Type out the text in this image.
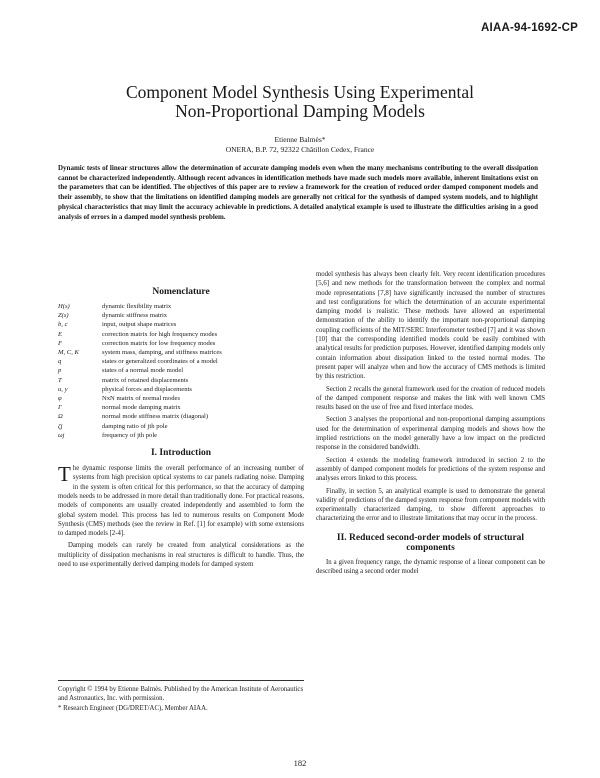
AIAA-94-1692-CP
Component Model Synthesis Using Experimental
Non-Proportional Damping Models
Etienne Balmès*
ONERA, B.P. 72, 92322 Châtillon Cedex, France
Dynamic tests of linear structures allow the determination of accurate damping models even when the many mechanisms contributing to the overall dissipation cannot be characterized independently. Although recent advances in identification methods have made such models more available, inherent limitations exist on the parameters that can be identified. The objectives of this paper are to review a framework for the creation of reduced order damped component models and their assembly, to show that the limitations on identified damping models are generally not critical for the synthesis of damped system models, and to highlight physical characteristics that may limit the accuracy achievable in predictions. A detailed analytical example is used to illustrate the difficulties arising in a good analysis of errors in a damped model synthesis problem.
Nomenclature
H(s)	dynamic flexibility matrix
Z(s)	dynamic stiffness matrix
b, c	input, output shape matrices
E	correction matrix for high frequency modes
F	correction matrix for low frequency modes
M, C, K	system mass, damping, and stiffness matrices
q	states or generalized coordinates of a model
p	states of a normal mode model
T	matrix of retained displacements
u, y	physical forces and displacements
φ	NxN matrix of normal modes
Γ	normal mode damping matrix
Ω	normal mode stiffness matrix (diagonal)
ζj	damping ratio of jth pole
ωj	frequency of jth pole
I. Introduction

The dynamic response limits the overall performance of an increasing number of systems from high precision optical systems to car panels radiating noise. Damping in the system is often critical for this performance, so that the accuracy of damping models needs to be addressed in more detail than traditionally done. For practical reasons, models of components are usually created independently and assembled to form the global system model. This process has led to numerous results on Component Mode Synthesis (CMS) methods (see the review in Ref. [1] for example) with some extensions to damped models [2-4].

Damping models can rarely be created from analytical considerations as the multiplicity of dissipation mechanisms in real structures is difficult to handle. Thus, the need to use experimentally derived damping models for damped system

Copyright © 1994 by Etienne Balmès. Published by the American Institute of Aeronautics and Astronautics, Inc. with permission.

* Research Engineer (DG/DRET/AC), Member AIAA.

model synthesis has always been clearly felt. Very recent identification procedures [5,6] and new methods for the transformation between the complex and normal mode representations [7,8] have significantly increased the number of structures and test configurations for which the determination of an accurate experimental damping model is realistic. These methods have allowed an experimental demonstration of the ability to identify the important non-proportional damping coupling coefficients of the MIT/SERC Interferometer testbed [7] and it was shown [10] that the corresponding identified models could be easily combined with analytical results for prediction purposes. However, identified damping models only contain information about dissipation linked to the tested normal modes. The present paper will analyze when and how the accuracy of CMS methods is limited by this restriction.

Section 2 recalls the general framework used for the creation of reduced models of the damped component response and makes the link with well known CMS results based on the use of free and fixed interface modes.

Section 3 analyses the proportional and non-proportional damping assumptions used for the determination of experimental damping models and shows how the implied restrictions on the model generally have a low impact on the predicted response in the considered bandwidth.

Section 4 extends the modeling framework introduced in section 2 to the assembly of damped component models for predictions of the system response and analyses errors linked to this process.

Finally, in section 5, an analytical example is used to demonstrate the general validity of predictions of the damped system response from component models with experimentally characterized damping, to show different approaches to characterizing the error and to illustrate limitations that may occur in the process.

II. Reduced second-order models of structural components

In a given frequency range, the dynamic response of a linear component can be described using a second order model

182
